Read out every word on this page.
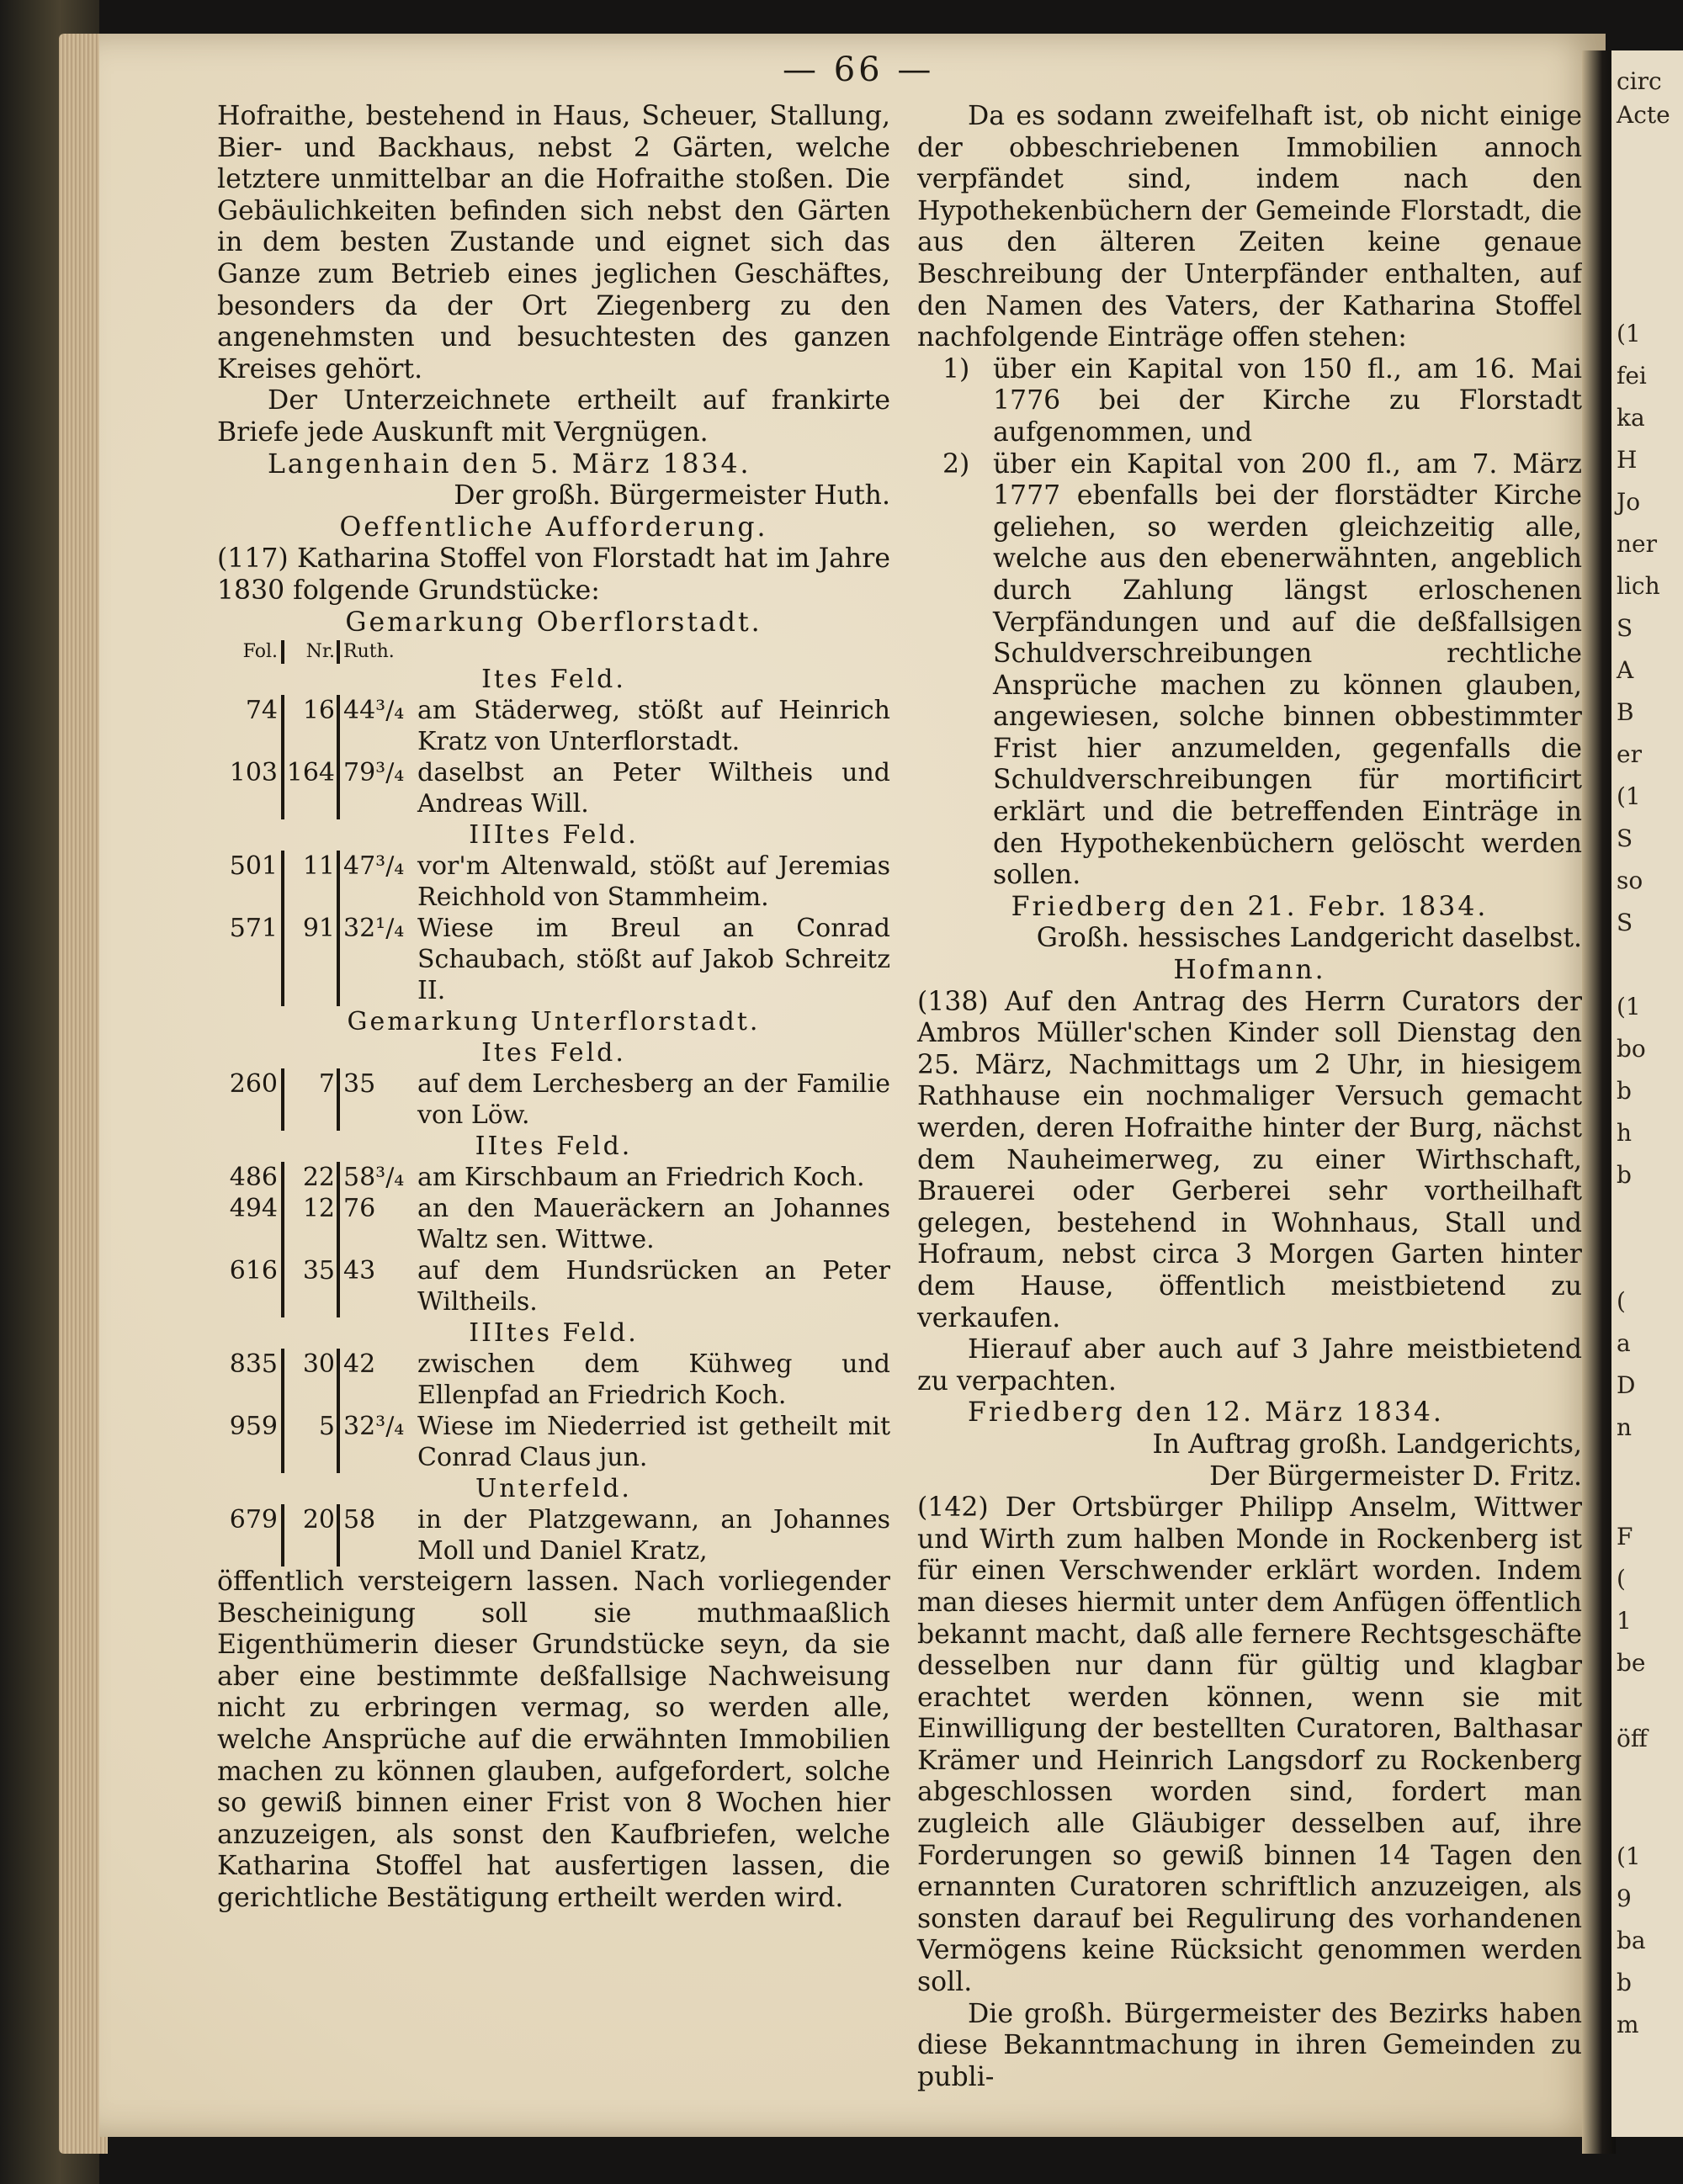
— 66 —

Hofraithe, bestehend in Haus, Scheuer, Stallung, Bier- und Backhaus, nebst 2 Gärten, welche letztere unmittelbar an die Hofraithe stoßen. Die Gebäulichkeiten befinden sich nebst den Gärten in dem besten Zustande und eignet sich das Ganze zum Betrieb eines jeglichen Geschäftes, besonders da der Ort Ziegenberg zu den angenehmsten und besuchtesten des ganzen Kreises gehört.

Der Unterzeichnete ertheilt auf frankirte Briefe jede Auskunft mit Vergnügen.

Langenhain den 5. März 1834.

Der großh. Bürgermeister Huth.

Oeffentliche Aufforderung.

(117) Katharina Stoffel von Florstadt hat im Jahre 1830 folgende Grundstücke:

Gemarkung Oberflorstadt.

Fol.	Nr.	Ruth.	
Ites Feld.			
74	16	44³/₄	am Städerweg, stößt auf Heinrich Kratz von Unterflorstadt.
103	164	79³/₄	daselbst an Peter Wiltheis und Andreas Will.
IIItes Feld.			
501	11	47³/₄	vor'm Altenwald, stößt auf Jeremias Reichhold von Stammheim.
571	91	32¹/₄	Wiese im Breul an Conrad Schaubach, stößt auf Jakob Schreitz II.
Gemarkung Unterflorstadt.			
Ites Feld.			
260	7	35	auf dem Lerchesberg an der Familie von Löw.
IItes Feld.			
486	22	58³/₄	am Kirschbaum an Friedrich Koch.
494	12	76	an den Maueräckern an Johannes Waltz sen. Wittwe.
616	35	43	auf dem Hundsrücken an Peter Wiltheils.
IIItes Feld.			
835	30	42	zwischen dem Kühweg und Ellenpfad an Friedrich Koch.
959	5	32³/₄	Wiese im Niederried ist getheilt mit Conrad Claus jun.
Unterfeld.			
679	20	58	in der Platzgewann, an Johannes Moll und Daniel Kratz,

öffentlich versteigern lassen. Nach vorliegender Bescheinigung soll sie muthmaaßlich Eigenthümerin dieser Grundstücke seyn, da sie aber eine bestimmte deßfallsige Nachweisung nicht zu erbringen vermag, so werden alle, welche Ansprüche auf die erwähnten Immobilien machen zu können glauben, aufgefordert, solche so gewiß binnen einer Frist von 8 Wochen hier anzuzeigen, als sonst den Kaufbriefen, welche Katharina Stoffel hat ausfertigen lassen, die gerichtliche Bestätigung ertheilt werden wird.

Da es sodann zweifelhaft ist, ob nicht einige der obbeschriebenen Immobilien annoch verpfändet sind, indem nach den Hypothekenbüchern der Gemeinde Florstadt, die aus den älteren Zeiten keine genaue Beschreibung der Unterpfänder enthalten, auf den Namen des Vaters, der Katharina Stoffel nachfolgende Einträge offen stehen:

1) über ein Kapital von 150 fl., am 16. Mai 1776 bei der Kirche zu Florstadt aufgenommen, und
2) über ein Kapital von 200 fl., am 7. März 1777 ebenfalls bei der florstädter Kirche geliehen, so werden gleichzeitig alle, welche aus den ebenerwähnten, angeblich durch Zahlung längst erloschenen Verpfändungen und auf die deßfallsigen Schuldverschreibungen rechtliche Ansprüche machen zu können glauben, angewiesen, solche binnen obbestimmter Frist hier anzumelden, gegenfalls die Schuldverschreibungen für mortificirt erklärt und die betreffenden Einträge in den Hypothekenbüchern gelöscht werden sollen.

Friedberg den 21. Febr. 1834.

Großh. hessisches Landgericht daselbst.

Hofmann.

(138) Auf den Antrag des Herrn Curators der Ambros Müller'schen Kinder soll Dienstag den 25. März, Nachmittags um 2 Uhr, in hiesigem Rathhause ein nochmaliger Versuch gemacht werden, deren Hofraithe hinter der Burg, nächst dem Nauheimerweg, zu einer Wirthschaft, Brauerei oder Gerberei sehr vortheilhaft gelegen, bestehend in Wohnhaus, Stall und Hofraum, nebst circa 3 Morgen Garten hinter dem Hause, öffentlich meistbietend zu verkaufen.

Hierauf aber auch auf 3 Jahre meistbietend zu verpachten.

Friedberg den 12. März 1834.

In Auftrag großh. Landgerichts,

Der Bürgermeister D. Fritz.

(142) Der Ortsbürger Philipp Anselm, Wittwer und Wirth zum halben Monde in Rockenberg ist für einen Verschwender erklärt worden. Indem man dieses hiermit unter dem Anfügen öffentlich bekannt macht, daß alle fernere Rechtsgeschäfte desselben nur dann für gültig und klagbar erachtet werden können, wenn sie mit Einwilligung der bestellten Curatoren, Balthasar Krämer und Heinrich Langsdorf zu Rockenberg abgeschlossen worden sind, fordert man zugleich alle Gläubiger desselben auf, ihre Forderungen so gewiß binnen 14 Tagen den ernannten Curatoren schriftlich anzuzeigen, als sonsten darauf bei Regulirung des vorhandenen Vermögens keine Rücksicht genommen werden soll.

Die großh. Bürgermeister des Bezirks haben diese Bekanntmachung in ihren Gemeinden zu publi-

circ
Acte
(1
fei
ka
H
Jo
ner
lich
S
A
B
er
(1
S
so
S
(1
bo
b
h
b
(
a
D
n
F
(
1
be
öff
(1
9
ba
b
m
